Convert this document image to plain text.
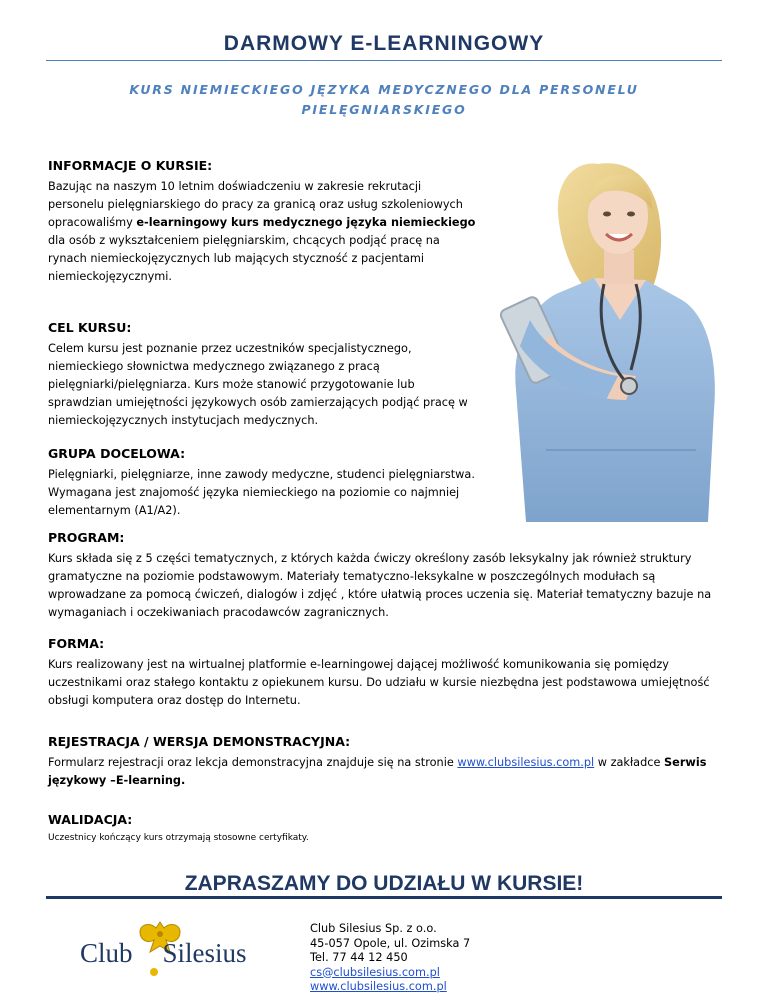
DARMOWY E-LEARNINGOWY

KURS NIEMIECKIEGO JĘZYKA MEDYCZNEGO DLA PERSONELU PIELĘGNIARSKIEGO

INFORMACJE O KURSIE:

Bazując na naszym 10 letnim doświadczeniu w zakresie rekrutacji personelu pielęgniarskiego do pracy za granicą oraz usług szkoleniowych opracowaliśmy e-learningowy kurs medycznego języka niemieckiego dla osób z wykształceniem pielęgniarskim, chcących podjąć pracę na rynach niemieckojęzycznych lub mających styczność z pacjentami niemieckojęzycznymi.

CEL KURSU:

Celem kursu jest poznanie przez uczestników specjalistycznego, niemieckiego słownictwa medycznego związanego z pracą pielęgniarki/pielęgniarza. Kurs może stanowić przygotowanie lub sprawdzian umiejętności językowych osób zamierzających podjąć pracę w niemieckojęzycznych instytucjach medycznych.

GRUPA DOCELOWA:

Pielęgniarki, pielęgniarze, inne zawody medyczne, studenci pielęgniarstwa. Wymagana jest znajomość języka niemieckiego na poziomie co najmniej elementarnym (A1/A2).

PROGRAM:

Kurs składa się z 5 części tematycznych, z których każda ćwiczy określony zasób leksykalny jak również struktury gramatyczne na poziomie podstawowym. Materiały tematyczno-leksykalne w poszczególnych modułach są wprowadzane za pomocą ćwiczeń, dialogów i zdjęć , które ułatwią proces uczenia się. Materiał tematyczny bazuje na wymaganiach i oczekiwaniach pracodawców zagranicznych.

FORMA:

Kurs realizowany jest na wirtualnej platformie e-learningowej dającej możliwość komunikowania się pomiędzy uczestnikami oraz stałego kontaktu z opiekunem kursu. Do udziału w kursie niezbędna jest podstawowa umiejętność obsługi komputera oraz dostęp do Internetu.

REJESTRACJA / WERSJA DEMONSTRACYJNA:

Formularz rejestracji oraz lekcja demonstracyjna znajduje się na stronie www.clubsilesius.com.pl w zakładce Serwis językowy –E-learning.

WALIDACJA:

Uczestnicy kończący kurs otrzymają stosowne certyfikaty.

ZAPRASZAMY DO UDZIAŁU W KURSIE!
Club Silesius
Club Silesius Sp. z o.o.
45-057 Opole, ul. Ozimska 7
Tel. 77 44 12 450
cs@clubsilesius.com.pl
www.clubsilesius.com.pl
